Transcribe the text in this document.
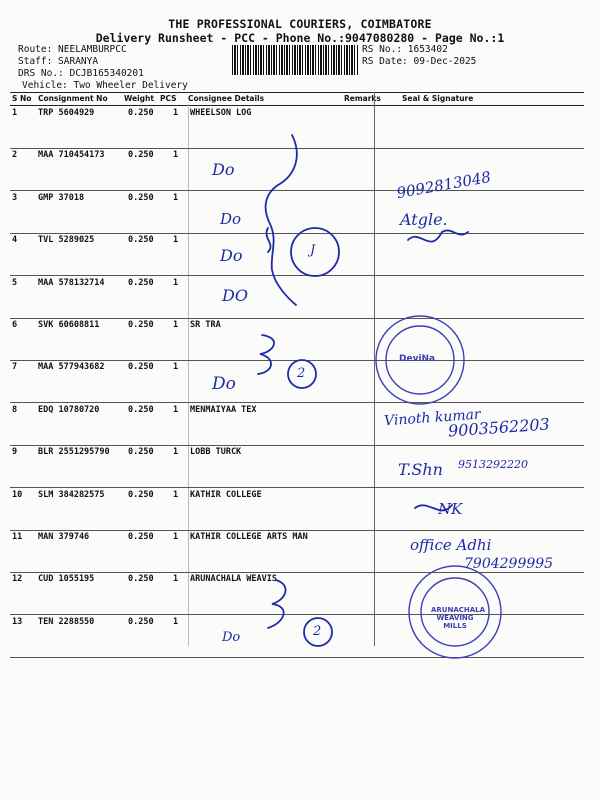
THE PROFESSIONAL COURIERS, COIMBATORE
Delivery Runsheet - PCC - Phone No.:9047080280 - Page No.:1
Route: NEELAMBURPCC
Staff: SARANYA
DRS No.: DCJB165340201
Vehicle: Two Wheeler Delivery
RS No.: 1653402
RS Date: 09-Dec-2025
S No Consignment No Weight PCS Consignee Details	Remarks	Seal & Signature
1 TRP 5604929	0.250 1 WHEELSON LOG
2 MAA 710454173	0.250 1
3 GMP 37018	0.250 1
4 TVL 5289025	0.250 1
5 MAA 578132714	0.250 1
6 SVK 60608811	0.250 1 SR TRA
7 MAA 577943682	0.250 1
8 EDQ 10780720	0.250 1 MENMAIYAA TEX
9 BLR 2551295790 0.250 1 LOBB TURCK
10 SLM 384282575	0.250 1 KATHIR COLLEGE
11 MAN 379746	0.250 1 KATHIR COLLEGE ARTS MAN
12 CUD 1055195	0.250 1 ARUNACHALA WEAVIS
13 TEN 2288550	0.250 1
Do
Do
Do
DO
Do
Do
J
2
2
9092813048
Atgle.
Vinoth kumar
9003562203
T.Shn 9513292220
NK
office Adhi
7904299995
DeviNa
ARUNACHALA WEAVING MILLS
